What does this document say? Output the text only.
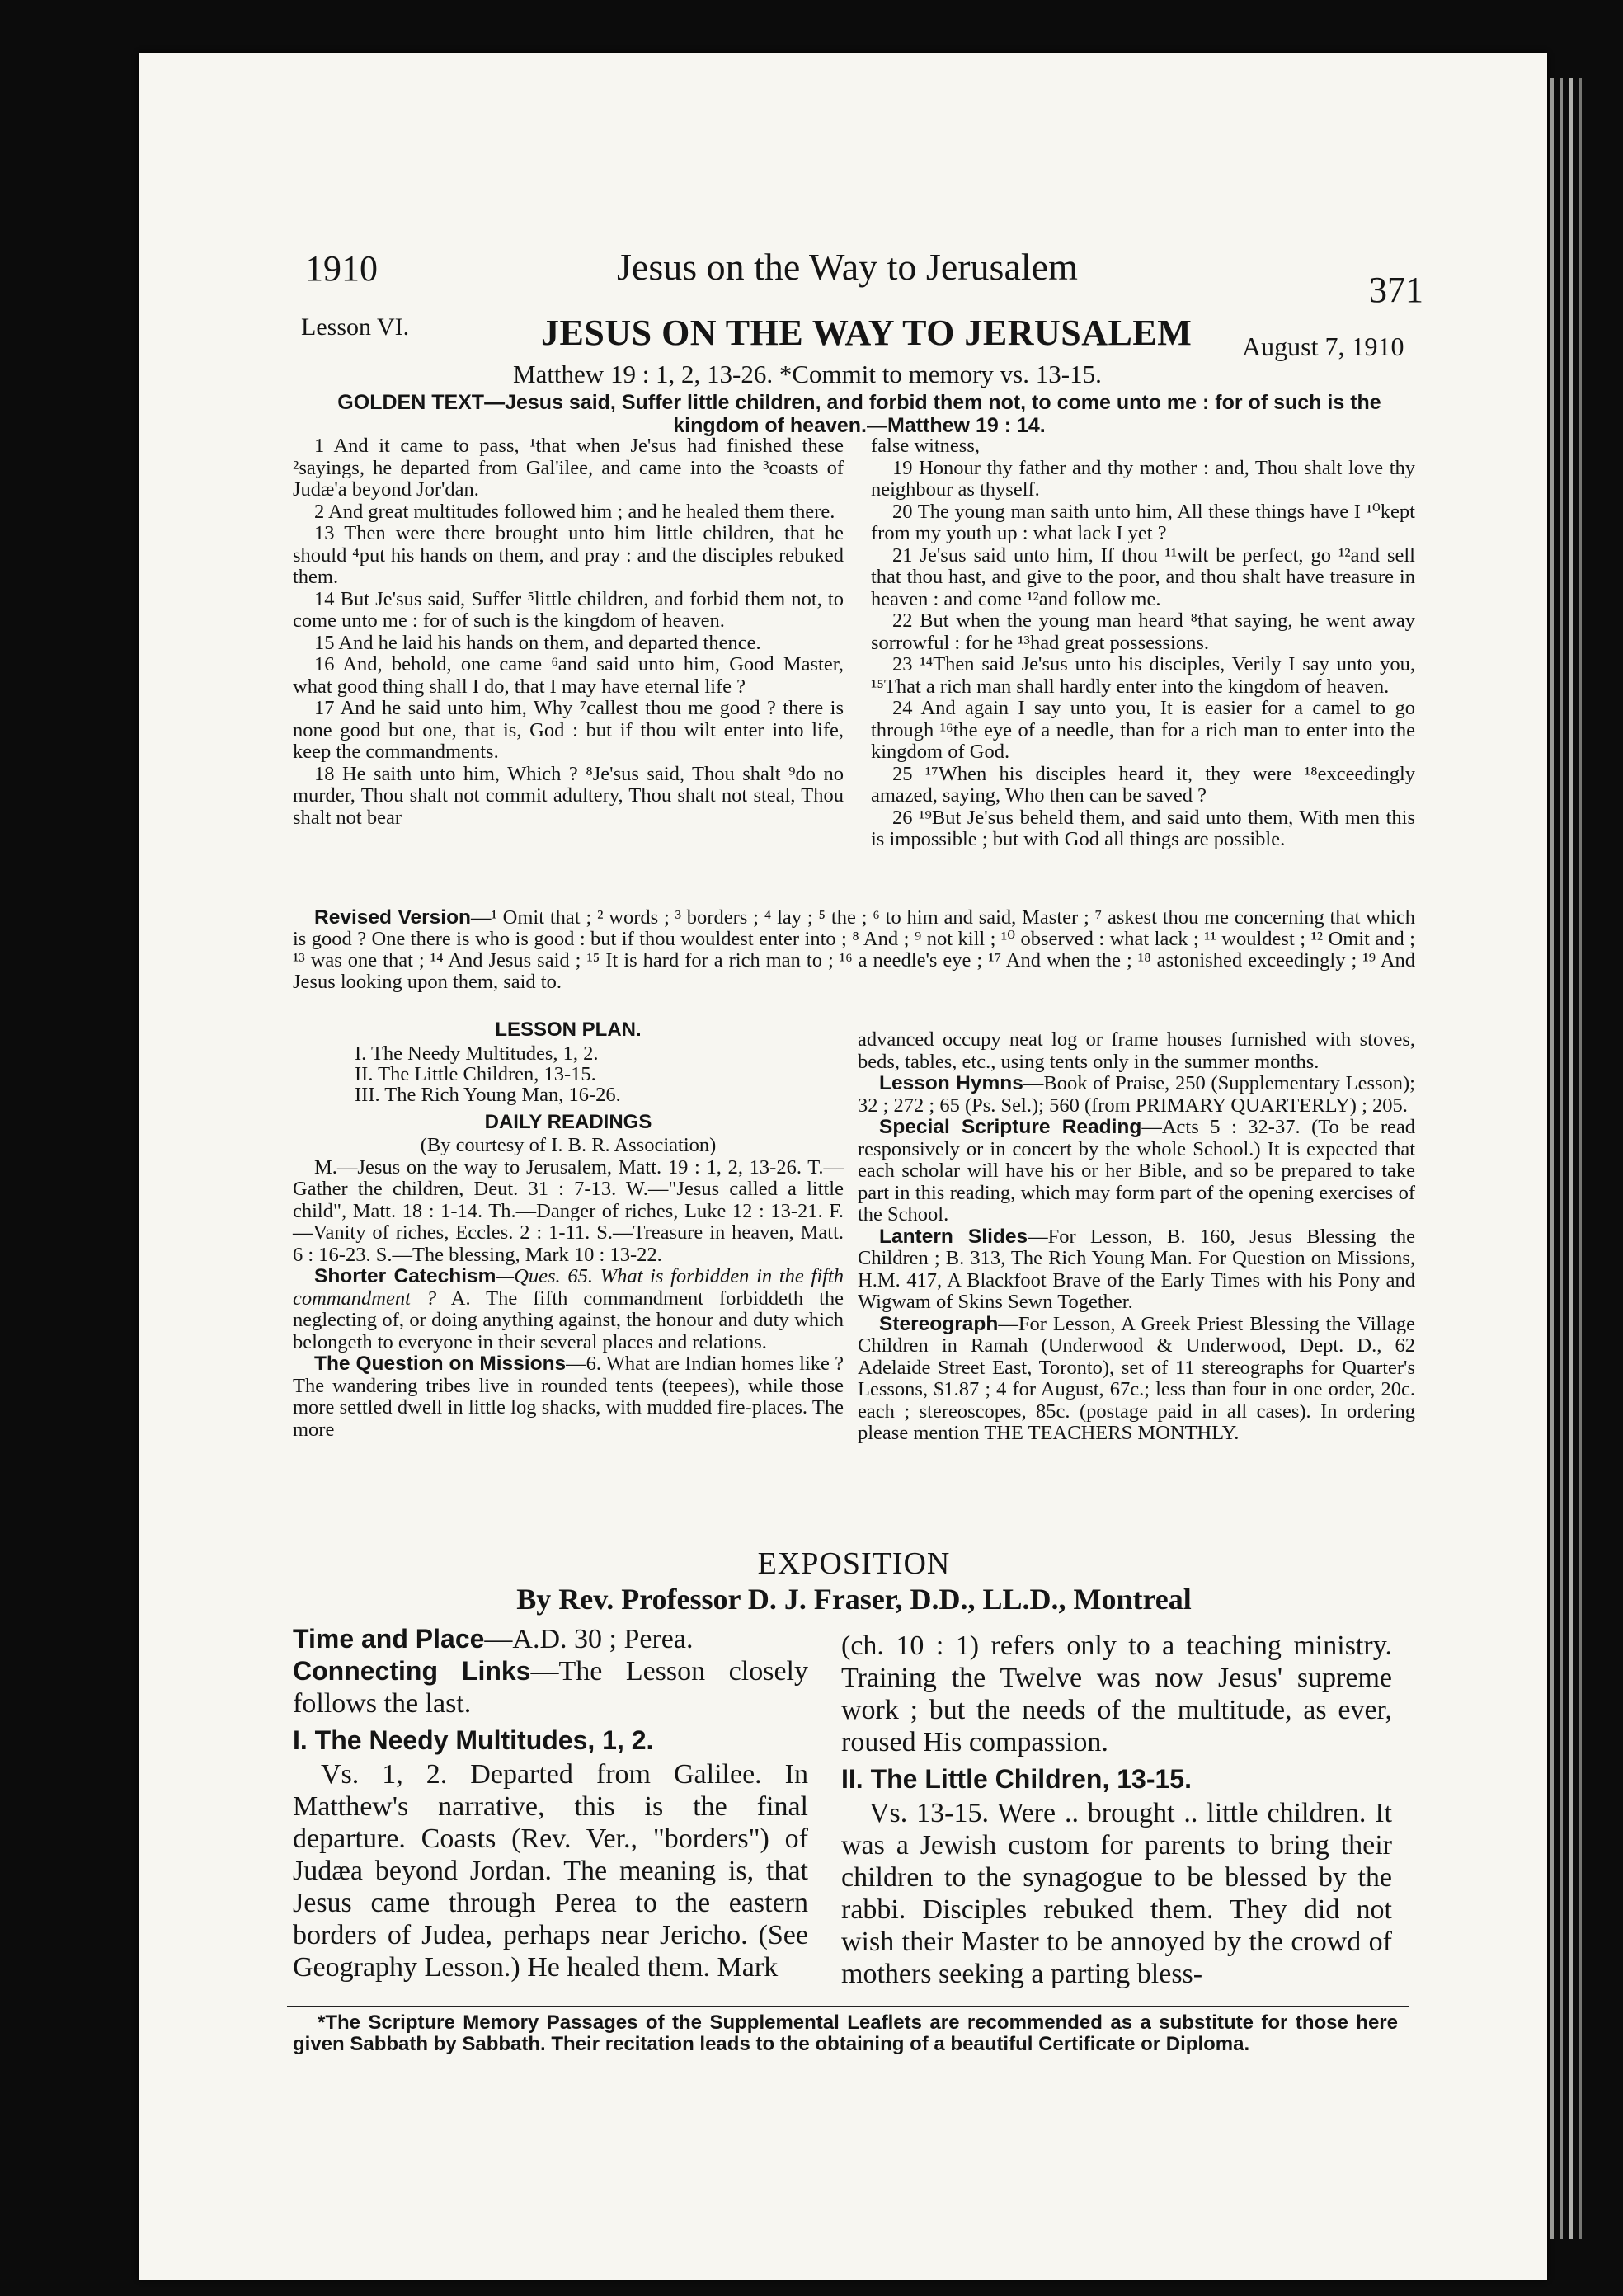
1910	Jesus on the Way to Jerusalem
371
Lesson VI.	JESUS ON THE WAY TO JERUSALEM August 7, 1910
Matthew 19 : 1, 2, 13-26. *Commit to memory vs. 13-15.
GOLDEN TEXT—Jesus said, Suffer little children, and forbid them not, to come unto me : for of such is the kingdom of heaven.—Matthew 19 : 14.

1 And it came to pass, ¹that when Je'sus had finished these ²sayings, he departed from Gal'ilee, and came into the ³coasts of Judæ'a beyond Jor'dan.

2 And great multitudes followed him ; and he healed them there.

13 Then were there brought unto him little children, that he should ⁴put his hands on them, and pray : and the disciples rebuked them.

14 But Je'sus said, Suffer ⁵little children, and forbid them not, to come unto me : for of such is the kingdom of heaven.

15 And he laid his hands on them, and departed thence.

16 And, behold, one came ⁶and said unto him, Good Master, what good thing shall I do, that I may have eternal life ?

17 And he said unto him, Why ⁷callest thou me good ? there is none good but one, that is, God : but if thou wilt enter into life, keep the commandments.

18 He saith unto him, Which ? ⁸Je'sus said, Thou shalt ⁹do no murder, Thou shalt not commit adultery, Thou shalt not steal, Thou shalt not bear

false witness,

19 Honour thy father and thy mother : and, Thou shalt love thy neighbour as thyself.

20 The young man saith unto him, All these things have I ¹⁰kept from my youth up : what lack I yet ?

21 Je'sus said unto him, If thou ¹¹wilt be perfect, go ¹²and sell that thou hast, and give to the poor, and thou shalt have treasure in heaven : and come ¹²and follow me.

22 But when the young man heard ⁸that saying, he went away sorrowful : for he ¹³had great possessions.

23 ¹⁴Then said Je'sus unto his disciples, Verily I say unto you, ¹⁵That a rich man shall hardly enter into the kingdom of heaven.

24 And again I say unto you, It is easier for a camel to go through ¹⁶the eye of a needle, than for a rich man to enter into the kingdom of God.

25 ¹⁷When his disciples heard it, they were ¹⁸exceedingly amazed, saying, Who then can be saved ?

26 ¹⁹But Je'sus beheld them, and said unto them, With men this is impossible ; but with God all things are possible.

Revised Version—¹ Omit that ; ² words ; ³ borders ; ⁴ lay ; ⁵ the ; ⁶ to him and said, Master ; ⁷ askest thou me concerning that which is good ? One there is who is good : but if thou wouldest enter into ; ⁸ And ; ⁹ not kill ; ¹⁰ observed : what lack ; ¹¹ wouldest ; ¹² Omit and ; ¹³ was one that ; ¹⁴ And Jesus said ; ¹⁵ It is hard for a rich man to ; ¹⁶ a needle's eye ; ¹⁷ And when the ; ¹⁸ astonished exceedingly ; ¹⁹ And Jesus looking upon them, said to.
LESSON PLAN.
I. The Needy Multitudes, 1, 2.
II. The Little Children, 13-15.
III. The Rich Young Man, 16-26.
DAILY READINGS
(By courtesy of I. B. R. Association)

M.—Jesus on the way to Jerusalem, Matt. 19 : 1, 2, 13-26. T.—Gather the children, Deut. 31 : 7-13. W.—"Jesus called a little child", Matt. 18 : 1-14. Th.—Danger of riches, Luke 12 : 13-21. F.—Vanity of riches, Eccles. 2 : 1-11. S.—Treasure in heaven, Matt. 6 : 16-23. S.—The blessing, Mark 10 : 13-22.

Shorter Catechism—Ques. 65. What is forbidden in the fifth commandment ? A. The fifth commandment forbiddeth the neglecting of, or doing anything against, the honour and duty which belongeth to everyone in their several places and relations.

The Question on Missions—6. What are Indian homes like ? The wandering tribes live in rounded tents (teepees), while those more settled dwell in little log shacks, with mudded fire-places. The more

advanced occupy neat log or frame houses furnished with stoves, beds, tables, etc., using tents only in the summer months.

Lesson Hymns—Book of Praise, 250 (Supplementary Lesson); 32 ; 272 ; 65 (Ps. Sel.); 560 (from PRIMARY QUARTERLY) ; 205.

Special Scripture Reading—Acts 5 : 32-37. (To be read responsively or in concert by the whole School.) It is expected that each scholar will have his or her Bible, and so be prepared to take part in this reading, which may form part of the opening exercises of the School.

Lantern Slides—For Lesson, B. 160, Jesus Blessing the Children ; B. 313, The Rich Young Man. For Question on Missions, H.M. 417, A Blackfoot Brave of the Early Times with his Pony and Wigwam of Skins Sewn Together.

Stereograph—For Lesson, A Greek Priest Blessing the Village Children in Ramah (Underwood & Underwood, Dept. D., 62 Adelaide Street East, Toronto), set of 11 stereographs for Quarter's Lessons, $1.87 ; 4 for August, 67c.; less than four in one order, 20c. each ; stereoscopes, 85c. (postage paid in all cases). In ordering please mention THE TEACHERS MONTHLY.

EXPOSITION
By Rev. Professor D. J. Fraser, D.D., LL.D., Montreal

Time and Place—A.D. 30 ; Perea.

Connecting Links—The Lesson closely follows the last.

I. The Needy Multitudes, 1, 2.

Vs. 1, 2. Departed from Galilee. In Matthew's narrative, this is the final departure. Coasts (Rev. Ver., "borders") of Judæa beyond Jordan. The meaning is, that Jesus came through Perea to the eastern borders of Judea, perhaps near Jericho. (See Geography Lesson.) He healed them. Mark

(ch. 10 : 1) refers only to a teaching ministry. Training the Twelve was now Jesus' supreme work ; but the needs of the multitude, as ever, roused His compassion.

II. The Little Children, 13-15.

Vs. 13-15. Were .. brought .. little children. It was a Jewish custom for parents to bring their children to the synagogue to be blessed by the rabbi. Disciples rebuked them. They did not wish their Master to be annoyed by the crowd of mothers seeking a parting bless-

*The Scripture Memory Passages of the Supplemental Leaflets are recommended as a substitute for those here given Sabbath by Sabbath. Their recitation leads to the obtaining of a beautiful Certificate or Diploma.
